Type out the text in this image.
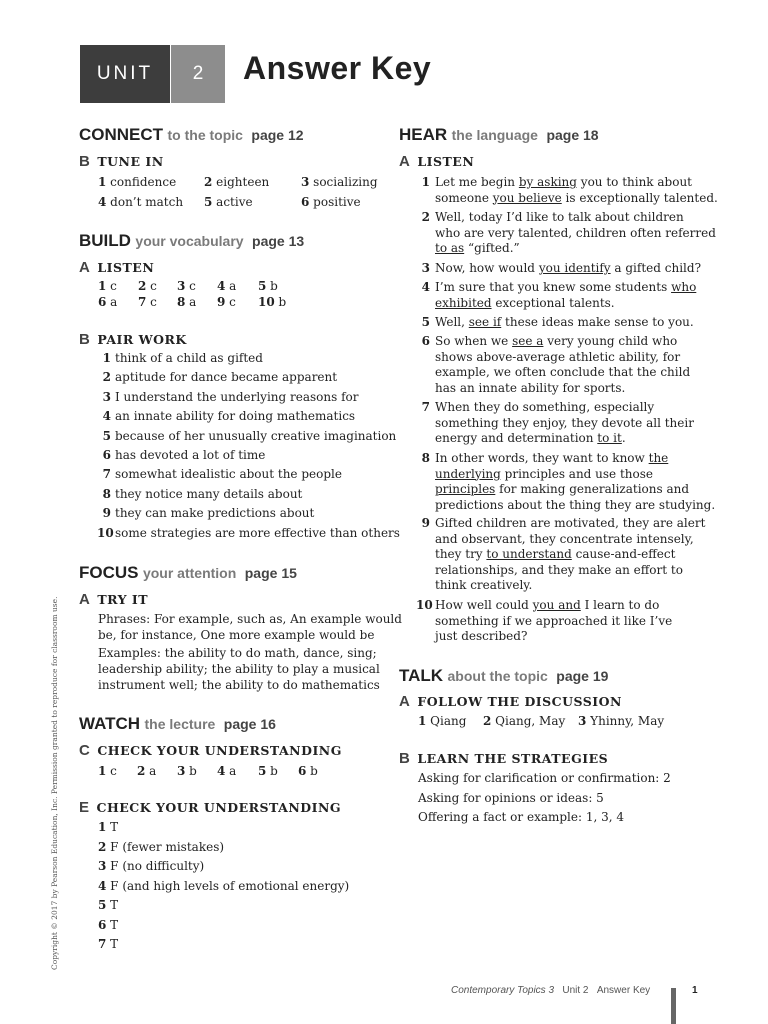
UNIT	2	Answer Key
CONNECT to the topic page 12
B TUNE IN
1 confidence 2 eighteen	3 socializing
4 don’t match 5 active	6 positive
BUILD your vocabulary page 13
A LISTEN
1 c 2 c 3 c 4 a 5 b
6 a 7 c 8 a 9 c 10 b
B PAIR WORK
1 think of a child as gifted
2 aptitude for dance became apparent
3 I understand the underlying reasons for
4 an innate ability for doing mathematics
5 because of her unusually creative imagination
6 has devoted a lot of time
7 somewhat idealistic about the people
8 they notice many details about
9 they can make predictions about
10 some strategies are more effective than others
FOCUS your attention page 15
A TRY IT
Phrases: For example, such as, An example would
be, for instance, One more example would be
Examples: the ability to do math, dance, sing;
leadership ability; the ability to play a musical
instrument well; the ability to do mathematics
WATCH the lecture page 16
C CHECK YOUR UNDERSTANDING
1 c 2 a 3 b 4 a 5 b 6 b
E CHECK YOUR UNDERSTANDING
1 T
2 F (fewer mistakes)
3 F (no difficulty)
4 F (and high levels of emotional energy)
5 T
6 T
7 T
HEAR the language page 18
A LISTEN
1 Let me begin by asking you to think about
someone you believe is exceptionally talented.
2 Well, today I’d like to talk about children
who are very talented, children often referred
to as “gifted.”
3 Now, how would you identify a gifted child?
4 I’m sure that you knew some students who
exhibited exceptional talents.
5 Well, see if these ideas make sense to you.
6 So when we see a very young child who
shows above-average athletic ability, for
example, we often conclude that the child
has an innate ability for sports.
7 When they do something, especially
something they enjoy, they devote all their
energy and determination to it.
8 In other words, they want to know the
underlying principles and use those
principles for making generalizations and
predictions about the thing they are studying.
9 Gifted children are motivated, they are alert
and observant, they concentrate intensely,
they try to understand cause-and-effect
relationships, and they make an effort to
think creatively.
10 How well could you and I learn to do
something if we approached it like I’ve
just described?
TALK about the topic page 19
A FOLLOW THE DISCUSSION
1 Qiang 2 Qiang, May 3 Yhinny, May
B LEARN THE STRATEGIES
Asking for clarification or confirmation: 2
Asking for opinions or ideas: 5
Offering a fact or example: 1, 3, 4
Copyright © 2017 by Pearson Education, Inc. Permission granted to reproduce for classroom use.
Contemporary Topics 3 Unit 2 Answer Key	1
